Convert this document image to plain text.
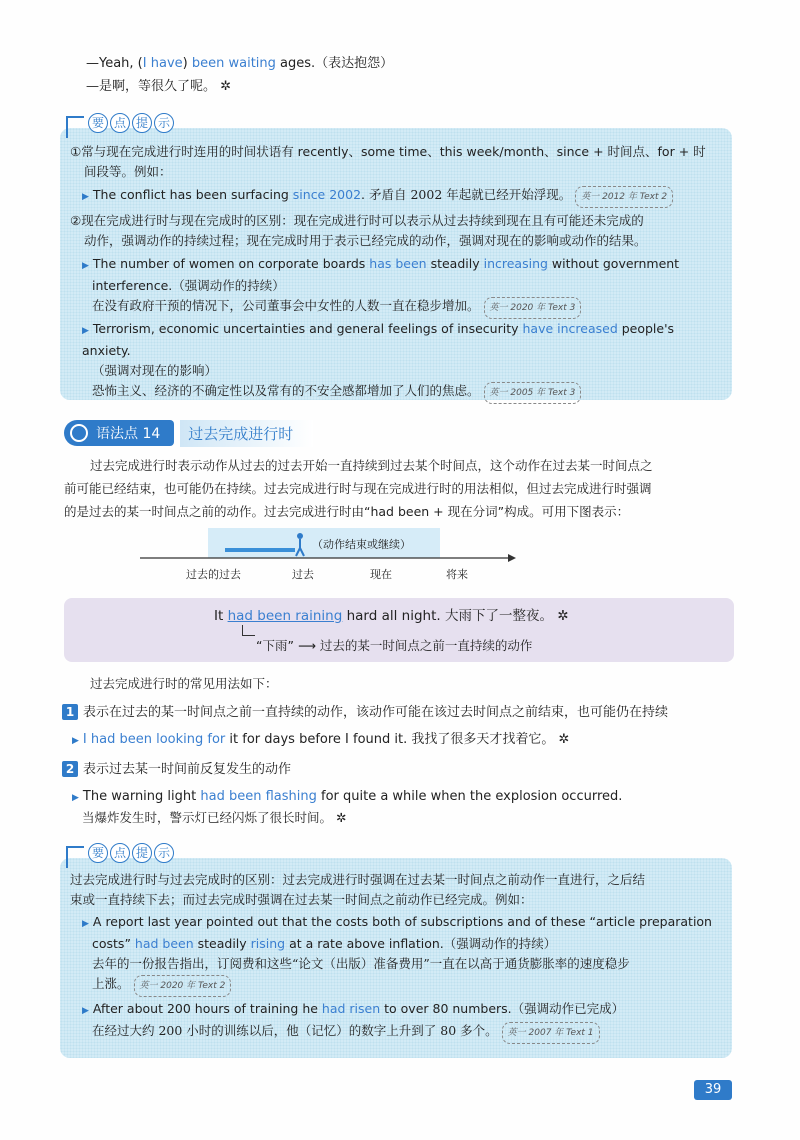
—Yeah, (I have) been waiting ages.（表达抱怨）
—是啊，等很久了呢。 ✲
要 点 提 示
①常与现在完成进行时连用的时间状语有 recently、some time、this week/month、since + 时间点、for + 时
间段等。例如：
▶ The conflict has been surfacing since 2002. 矛盾自 2002 年起就已经开始浮现。 英一 2012 年 Text 2
②现在完成进行时与现在完成时的区别：现在完成进行时可以表示从过去持续到现在且有可能还未完成的
动作，强调动作的持续过程；现在完成时用于表示已经完成的动作，强调对现在的影响或动作的结果。
▶ The number of women on corporate boards has been steadily increasing without government
interference.（强调动作的持续）
在没有政府干预的情况下，公司董事会中女性的人数一直在稳步增加。 英一 2020 年 Text 3
▶ Terrorism, economic uncertainties and general feelings of insecurity have increased people's anxiety.
（强调对现在的影响）
恐怖主义、经济的不确定性以及常有的不安全感都增加了人们的焦虑。 英一 2005 年 Text 3
语法点 14	过去完成进行时
过去完成进行时表示动作从过去的过去开始一直持续到过去某个时间点，这个动作在过去某一时间点之
前可能已经结束，也可能仍在持续。过去完成进行时与现在完成进行时的用法相似，但过去完成进行时强调
的是过去的某一时间点之前的动作。过去完成进行时由“had been + 现在分词”构成。可用下图表示：
（动作结束或继续）
过去的过去	过去	现在	将来
It had been raining hard all night. 大雨下了一整夜。 ✲
“下雨” ⟶ 过去的某一时间点之前一直持续的动作
过去完成进行时的常见用法如下：
1 表示在过去的某一时间点之前一直持续的动作，该动作可能在该过去时间点之前结束，也可能仍在持续
▶ I had been looking for it for days before I found it. 我找了很多天才找着它。 ✲
2 表示过去某一时间前反复发生的动作
▶ The warning light had been flashing for quite a while when the explosion occurred.
当爆炸发生时，警示灯已经闪烁了很长时间。 ✲
要 点 提 示
过去完成进行时与过去完成时的区别：过去完成进行时强调在过去某一时间点之前动作一直进行，之后结
束或一直持续下去；而过去完成时强调在过去某一时间点之前动作已经完成。例如：
▶ A report last year pointed out that the costs both of subscriptions and of these “article preparation
costs” had been steadily rising at a rate above inflation.（强调动作的持续）
去年的一份报告指出，订阅费和这些“论文（出版）准备费用”一直在以高于通货膨胀率的速度稳步
上涨。 英一 2020 年 Text 2
▶ After about 200 hours of training he had risen to over 80 numbers.（强调动作已完成）
在经过大约 200 小时的训练以后，他（记忆）的数字上升到了 80 多个。 英一 2007 年 Text 1
39
